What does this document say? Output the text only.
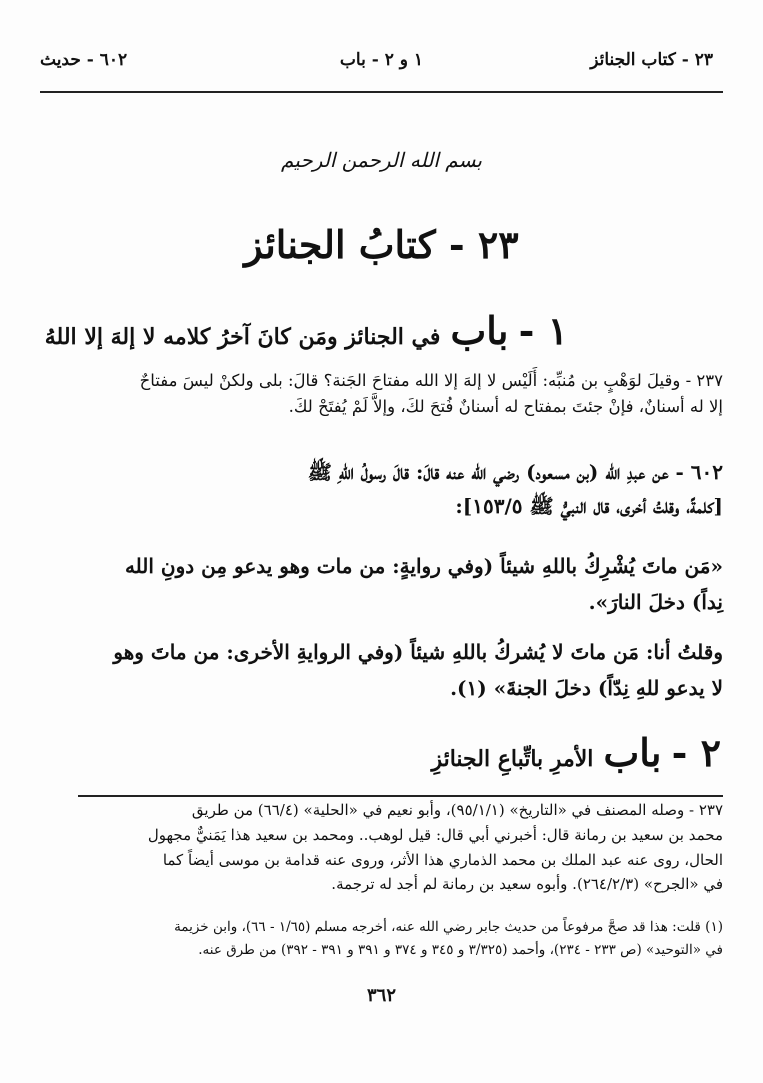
٢٣ - كتاب الجنائز
١ و ٢ - باب
٦٠٢ - حديث
بسم الله الرحمن الرحيم
٢٣ - كتابُ الجنائز
١ - باب في الجنائز ومَن كانَ آخرُ كلامه لا إلهَ إلا اللهُ
٢٣٧ - وقيلَ لوَهْبٍ بن مُنبِّه: أَلَيْس لا إلهَ إلا الله مفتاحَ الجَنة؟ قالَ: بلى ولكنْ ليسَ مفتاحٌ
إلا له أسنانٌ، فإنْ جئتَ بمفتاح له أسنانٌ فُتحَ لكَ، وإلاَّ لَمْ يُفتَحْ لكَ.
٦٠٢ - عن عبدِ الله (بن مسعود) رضي الله عنه قالَ: قالَ رسولُ اللهِ ﷺ
[كلمةً، وقلتُ أخرى، قال النبيُّ ﷺ ١٥٣/٥]:
«مَن ماتَ يُشْرِكُ باللهِ شيئاً (وفي روايةٍ: من مات وهو يدعو مِن دونِ الله
نِداً) دخلَ النارَ».
وقلتُ أنا: مَن ماتَ لا يُشركُ باللهِ شيئاً (وفي الروايةِ الأخرى: من ماتَ وهو
لا يدعو للهِ نِدّاً) دخلَ الجنةَ» (١).
٢ - باب الأمرِ باتِّباعِ الجنائزِ
٢٣٧ - وصله المصنف في «التاريخ» (٩٥/١/١)، وأبو نعيم في «الحلية» (٦٦/٤) من طريق
محمد بن سعيد بن رمانة قال: أخبرني أبي قال: قيل لوهب.. ومحمد بن سعيد هذا يَمَنيٌّ مجهول
الحال، روى عنه عبد الملك بن محمد الذماري هذا الأثر، وروى عنه قدامة بن موسى أيضاً كما
في «الجرح» (٢٦٤/٢/٣). وأبوه سعيد بن رمانة لم أجد له ترجمة.
(١) قلت: هذا قد صحَّ مرفوعاً من حديث جابر رضي الله عنه، أخرجه مسلم (١/٦٥ - ٦٦)، وابن خزيمة
في «التوحيد» (ص ٢٣٣ - ٢٣٤)، وأحمد (٣/٣٢٥ و ٣٤٥ و ٣٧٤ و ٣٩١ و ٣٩١ - ٣٩٢) من طرق عنه.
٣٦٢
